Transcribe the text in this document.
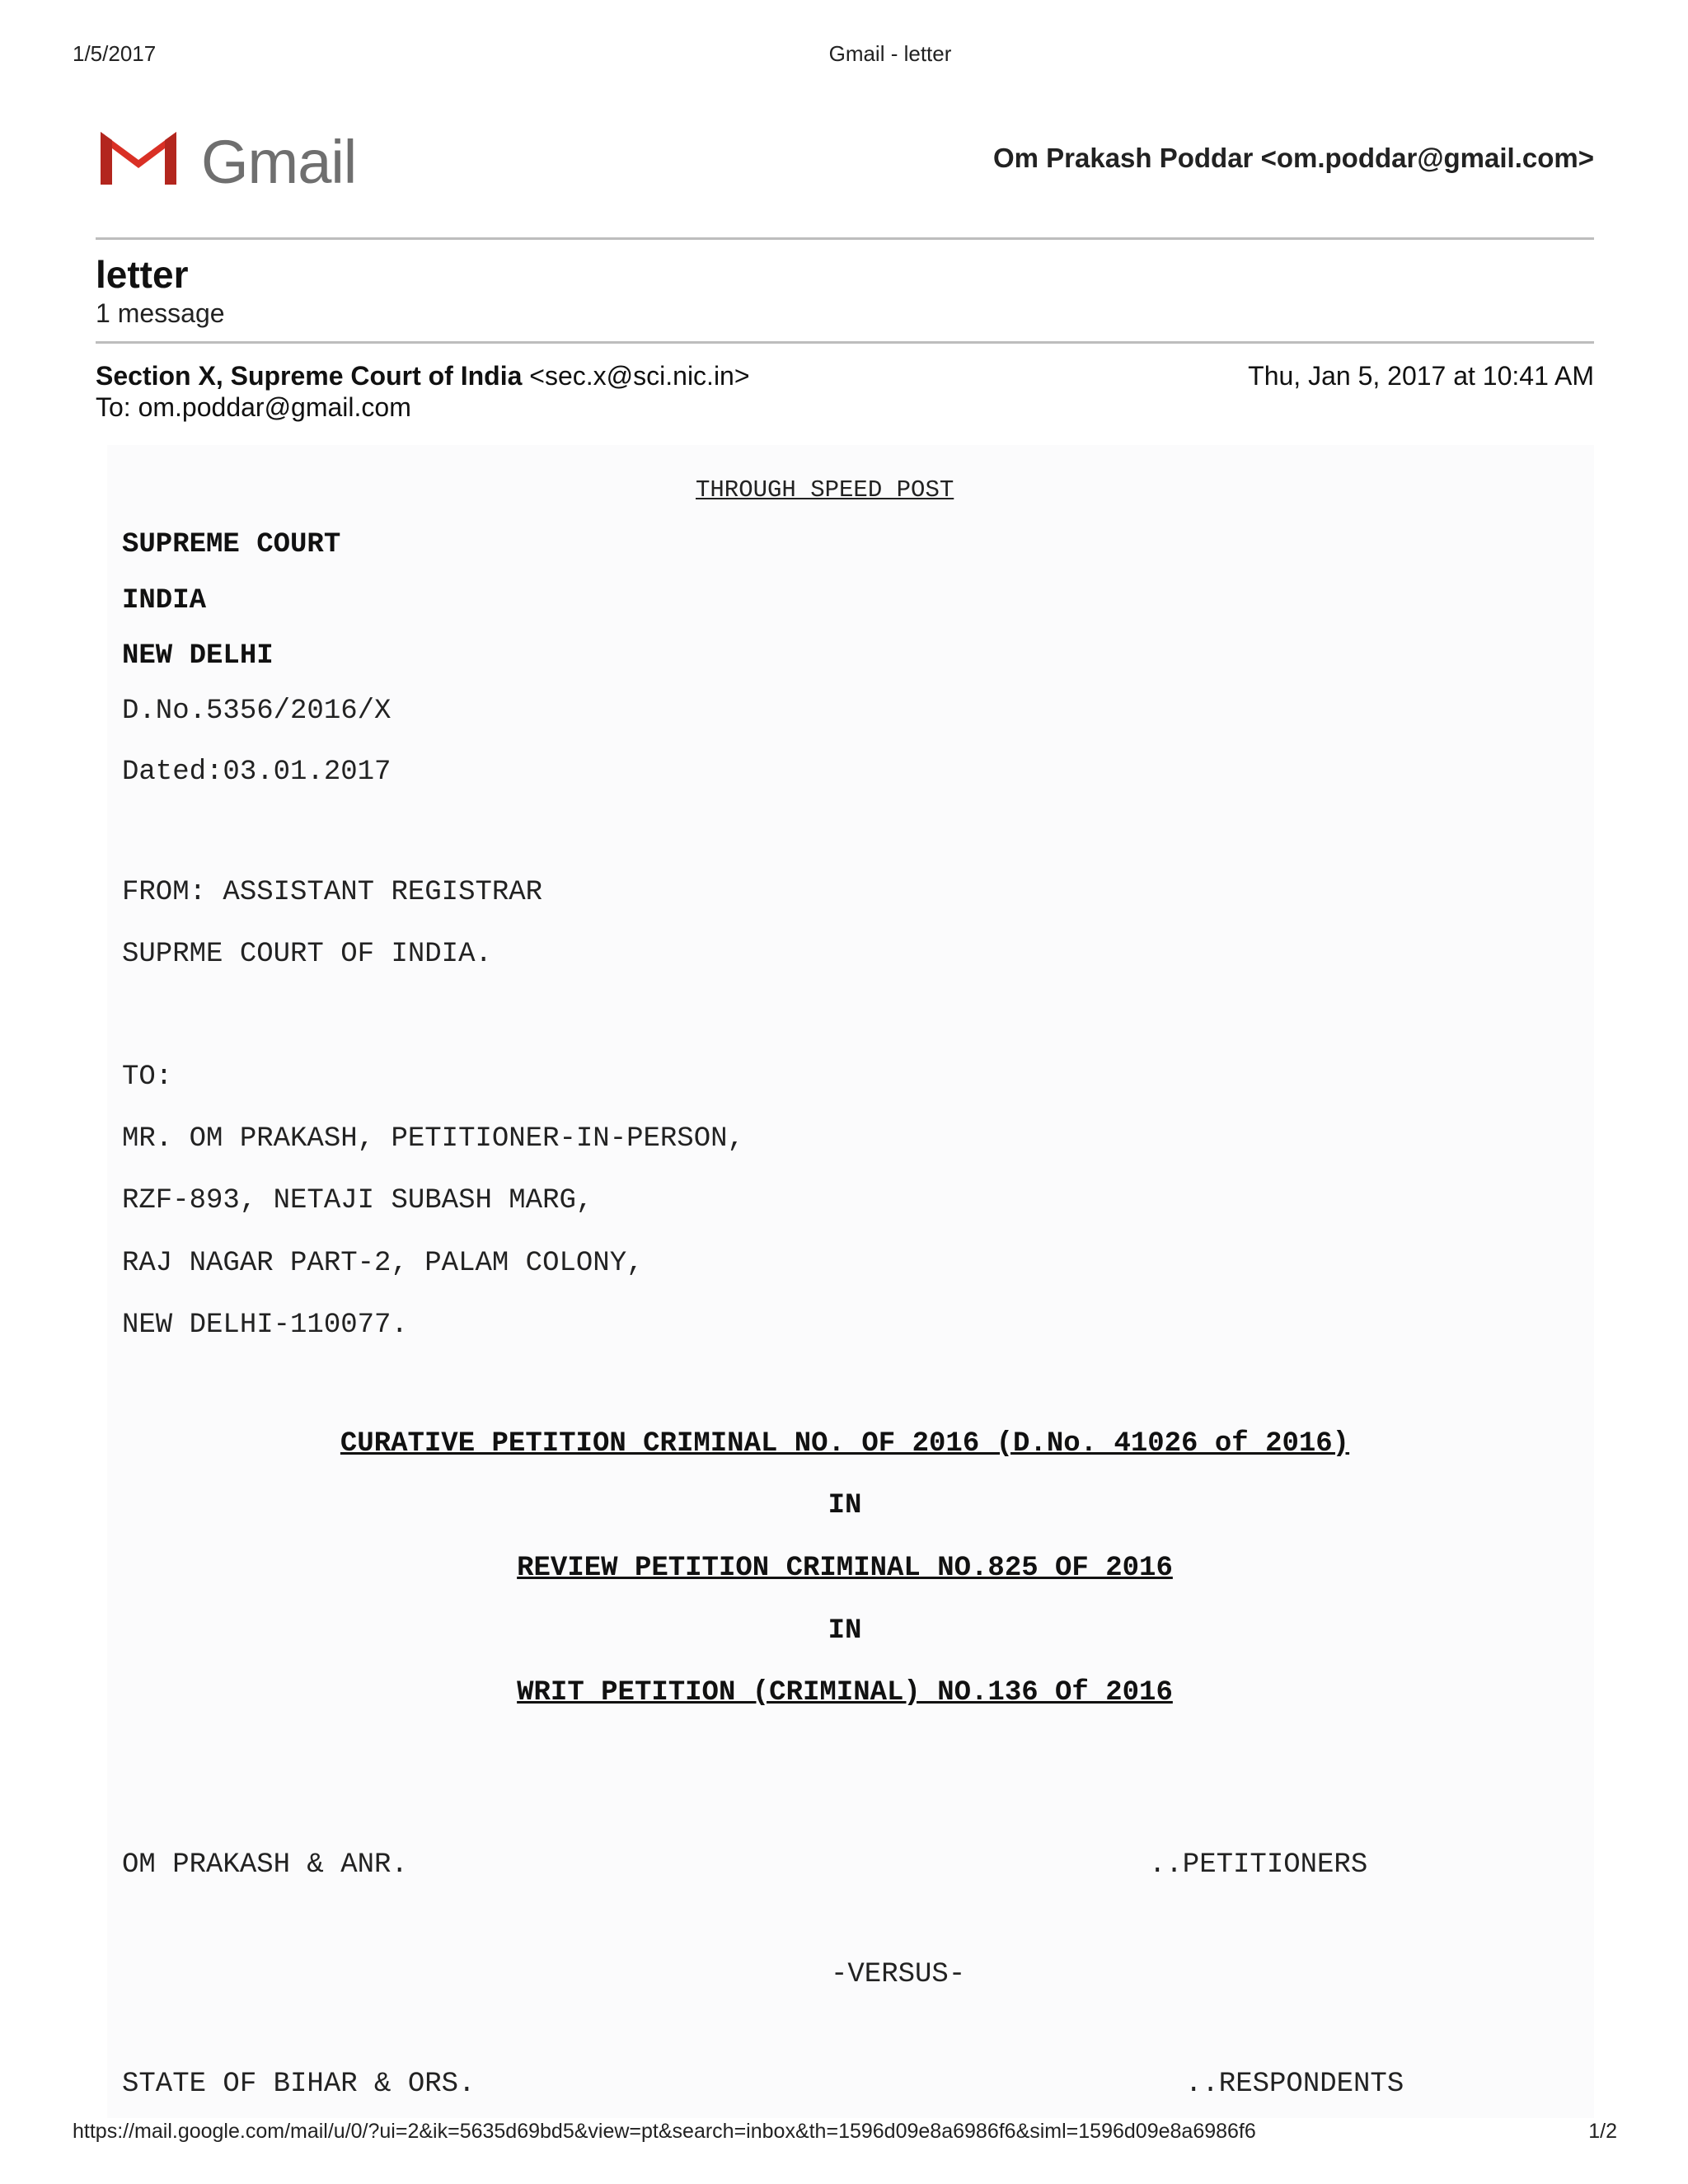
1/5/2017	Gmail - letter
Gmail	Om Prakash Poddar <om.poddar@gmail.com>
letter
1 message
Section X, Supreme Court of India <sec.x@sci.nic.in>	Thu, Jan 5, 2017 at 10:41 AM
To: om.poddar@gmail.com
THROUGH SPEED POST
SUPREME COURT
INDIA
NEW DELHI
D.No.5356/2016/X
Dated:03.01.2017
FROM: ASSISTANT REGISTRAR
SUPRME COURT OF INDIA.
TO:
MR. OM PRAKASH, PETITIONER-IN-PERSON,
RZF-893, NETAJI SUBASH MARG,
RAJ NAGAR PART-2, PALAM COLONY,
NEW DELHI-110077.
CURATIVE PETITION CRIMINAL NO. OF 2016 (D.No. 41026 of 2016)
IN
REVIEW PETITION CRIMINAL NO.825 OF 2016
IN
WRIT PETITION (CRIMINAL) NO.136 Of 2016
OM PRAKASH & ANR.	..PETITIONERS
-VERSUS-
STATE OF BIHAR & ORS.	..RESPONDENTS
https://mail.google.com/mail/u/0/?ui=2&ik=5635d69bd5&view=pt&search=inbox&th=1596d09e8a6986f6&siml=1596d09e8a6986f6	1/2
